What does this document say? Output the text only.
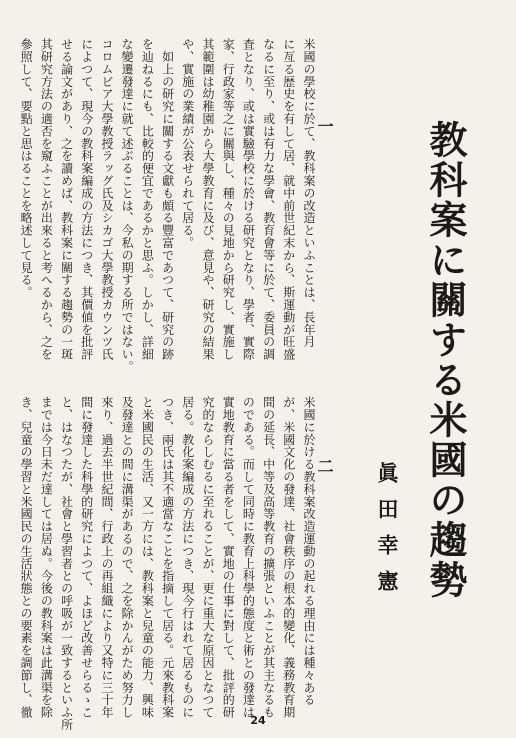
教科案に關する米國の趨勢
眞田幸憲
一
二
米國の學校に於て、教科案の改造といふことは、長年月
に亙る歴史を有して居、就中前世紀末から、斯運動が旺盛
なるに至り、或は有力な學會、教育會等に於て、委員の調
査となり、或は實驗學校に於ける研究となり、學者、實際
家、行政家等之に關與し、種々の見地から研究し、實施し
其範圍は幼稚園から大學教育に及び、意見や、研究の結果
や、實施の業績が公表せられて居る。
　如上の研究に關する文獻も頗る豐富であつて、研究の跡
を辿ねるにも、比較的便宜であるかと思ふ。しかし、詳細
な變遷發達に就て述ぶることは、今私の期する所ではない。
コロムビア大學教授ラッグ氏及シカゴ大學教授カウンツ氏
によつて、現今の教科案編成の方法につき、其價値を批評
せる論文があり、之を讀めば、教科案に關する趨勢の一斑
其研究方法の適否を窺ふことが出來ると考へるから、之を
參照して、要點と思はることを略述して見る。
米國に於ける教科案改造運動の起れる理由には種々ある
が、米國文化の發達、社會秩序の根本的變化、義務教育期
間の延長、中等及高等教育の擴張といふことが其主なるも
のである。而して同時に教育上科學的態度と術との發達は
實地教育に當る者をして、實地の仕事に對して、批評的研
究的ならしむるに至れることが、更に重大な原因となつて
居る。教化案編成の方法につき、現今行はれて居るものに
つき、兩氏は其不適當なことを指摘して居る。元來教科案
と米國民の生活、又一方には、教科案と兒童の能力、興味
及發達との間に溝渠があるので、之を除かんがため努力し
來り、過去半世紀間、行政上の再組織により又特に三十年
間に發達した科學的研究によつて、よほど改善せらるゝこ
と、はなつたが、社會と學習者との呼吸が一致するといふ所
までは今日未だ達しては居ぬ。今後の教科案は此溝渠を除
き、兒童の學習と米國民の生活狀態との要素を調節し、徹
24
